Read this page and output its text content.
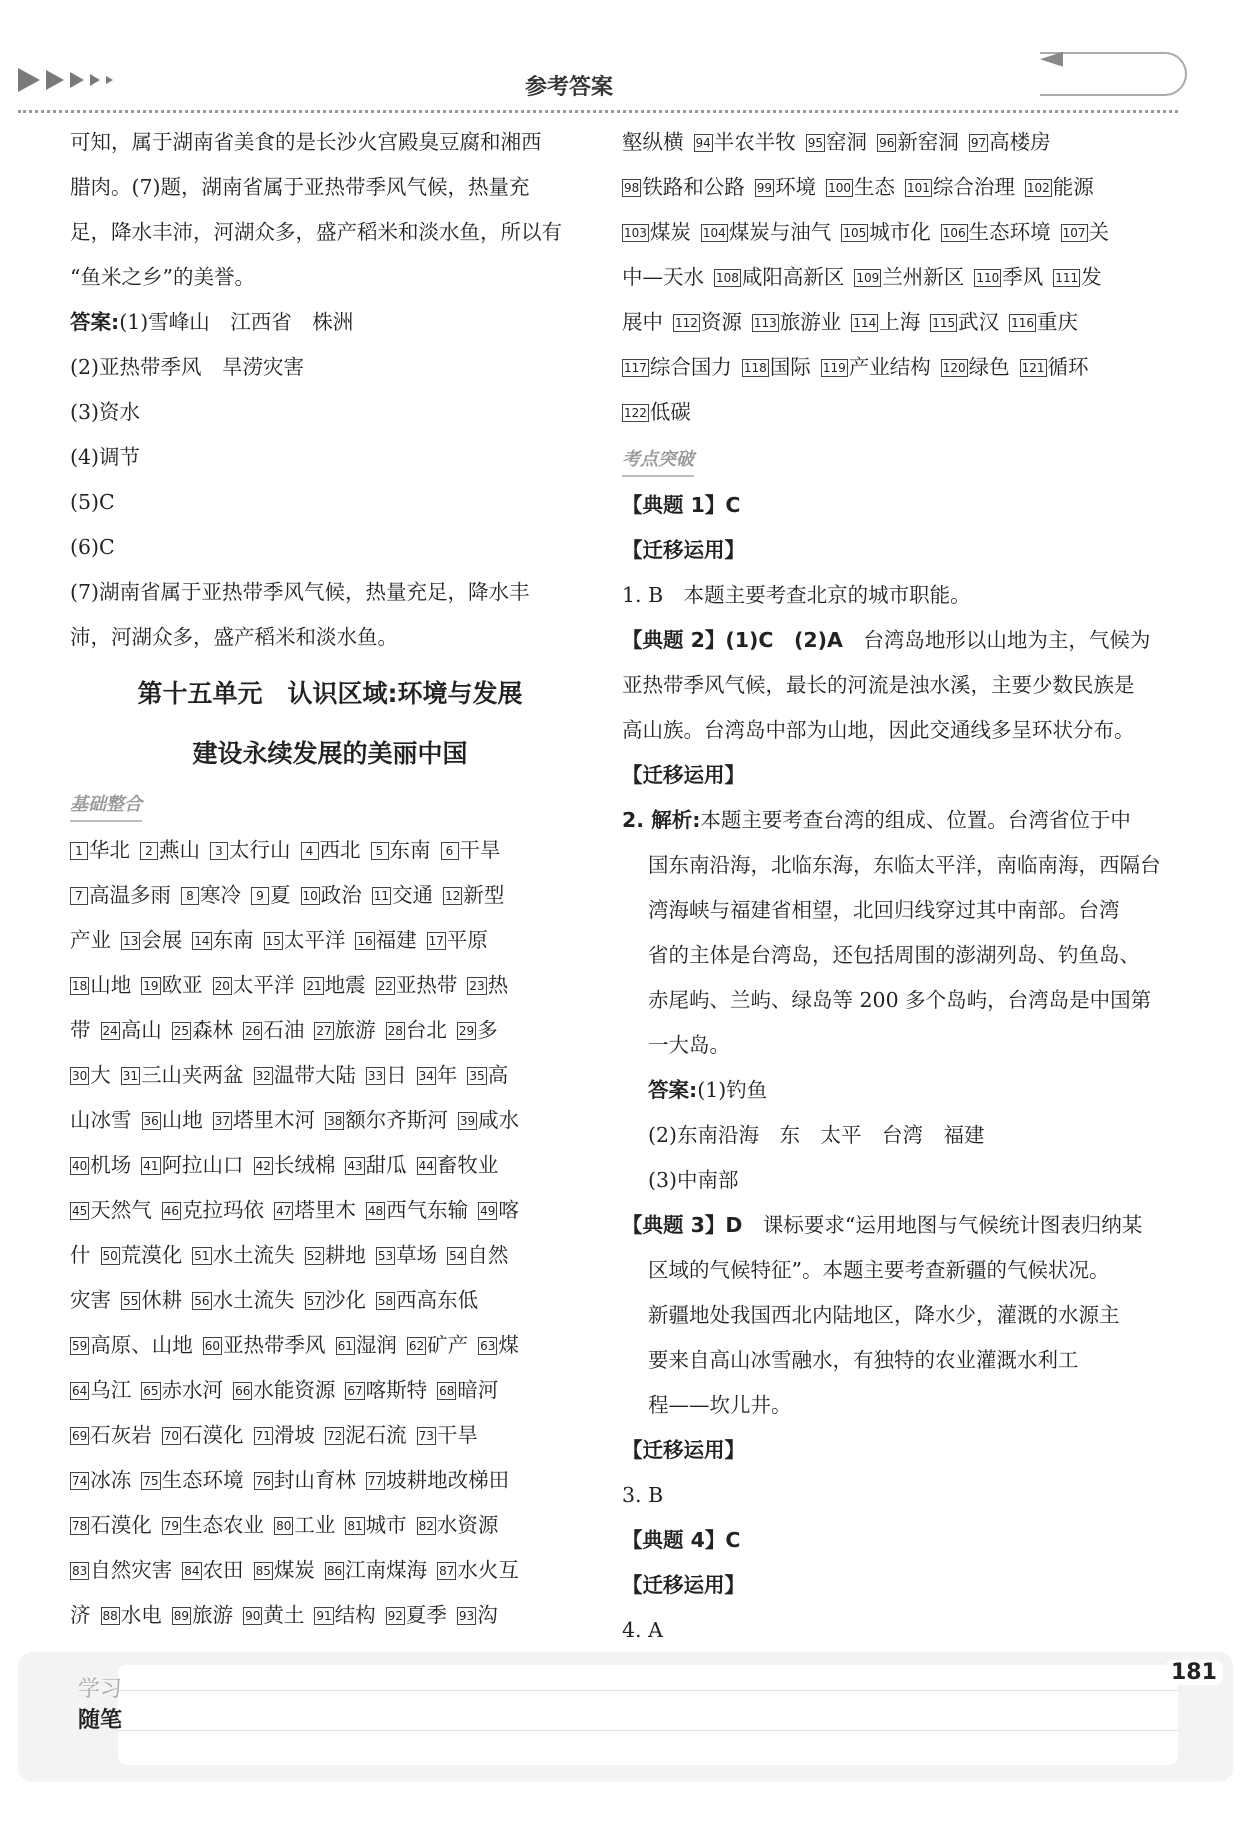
参考答案
◄

可知，属于湖南省美食的是长沙火宫殿臭豆腐和湘西

腊肉。(7)题，湖南省属于亚热带季风气候，热量充

足，降水丰沛，河湖众多，盛产稻米和淡水鱼，所以有

“鱼米之乡”的美誉。

答案:(1)雪峰山　江西省　株洲

(2)亚热带季风　旱涝灾害

(3)资水

(4)调节

(5)C

(6)C

(7)湖南省属于亚热带季风气候，热量充足，降水丰

沛，河湖众多，盛产稻米和淡水鱼。

第十五单元　认识区域:环境与发展
建设永续发展的美丽中国
基础整合

1 华北 2 燕山 3 太行山 4 西北 5 东南 6 干旱

7 高温多雨 8 寒冷 9 夏 10 政治 11 交通 12 新型

产业 13 会展 14 东南 15 太平洋 16 福建 17 平原

18 山地 19 欧亚 20 太平洋 21 地震 22 亚热带 23 热

带 24 高山 25 森林 26 石油 27 旅游 28 台北 29 多

30 大 31 三山夹两盆 32 温带大陆 33 日 34 年 35 高

山冰雪 36 山地 37 塔里木河 38 额尔齐斯河 39 咸水

40 机场 41 阿拉山口 42 长绒棉 43 甜瓜 44 畜牧业

45 天然气 46 克拉玛依 47 塔里木 48 西气东输 49 喀

什 50 荒漠化 51 水土流失 52 耕地 53 草场 54 自然

灾害 55 休耕 56 水土流失 57 沙化 58 西高东低

59 高原、山地 60 亚热带季风 61 湿润 62 矿产 63 煤

64 乌江 65 赤水河 66 水能资源 67 喀斯特 68 暗河

69 石灰岩 70 石漠化 71 滑坡 72 泥石流 73 干旱

74 冰冻 75 生态环境 76 封山育林 77 坡耕地改梯田

78 石漠化 79 生态农业 80 工业 81 城市 82 水资源

83 自然灾害 84 农田 85 煤炭 86 江南煤海 87 水火互

济 88 水电 89 旅游 90 黄土 91 结构 92 夏季 93 沟

壑纵横 94 半农半牧 95 窑洞 96 新窑洞 97 高楼房

98 铁路和公路 99 环境 100 生态 101 综合治理 102 能源

103 煤炭 104 煤炭与油气 105 城市化 106 生态环境 107 关

中—天水 108 咸阳高新区 109 兰州新区 110 季风 111 发

展中 112 资源 113 旅游业 114 上海 115 武汉 116 重庆

117 综合国力 118 国际 119 产业结构 120 绿色 121 循环

122 低碳

考点突破

【典题 1】C

【迁移运用】

1. B　本题主要考查北京的城市职能。

【典题 2】(1)C　(2)A　 台湾岛地形以山地为主，气候为

亚热带季风气候，最长的河流是浊水溪，主要少数民族是

高山族。台湾岛中部为山地，因此交通线多呈环状分布。

【迁移运用】

2. 解析:本题主要考查台湾的组成、位置。台湾省位于中

国东南沿海，北临东海，东临太平洋，南临南海，西隔台

湾海峡与福建省相望，北回归线穿过其中南部。台湾

省的主体是台湾岛，还包括周围的澎湖列岛、钓鱼岛、

赤尾屿、兰屿、绿岛等 200 多个岛屿，台湾岛是中国第

一大岛。

答案:(1)钓鱼

(2)东南沿海　东　太平　台湾　福建

(3)中南部

【典题 3】D　 课标要求“运用地图与气候统计图表归纳某

区域的气候特征”。本题主要考查新疆的气候状况。

新疆地处我国西北内陆地区，降水少，灌溉的水源主

要来自高山冰雪融水，有独特的农业灌溉水利工

程——坎儿井。

【迁移运用】

3. B

【典题 4】C

【迁移运用】

4. A

学习
随笔
181
